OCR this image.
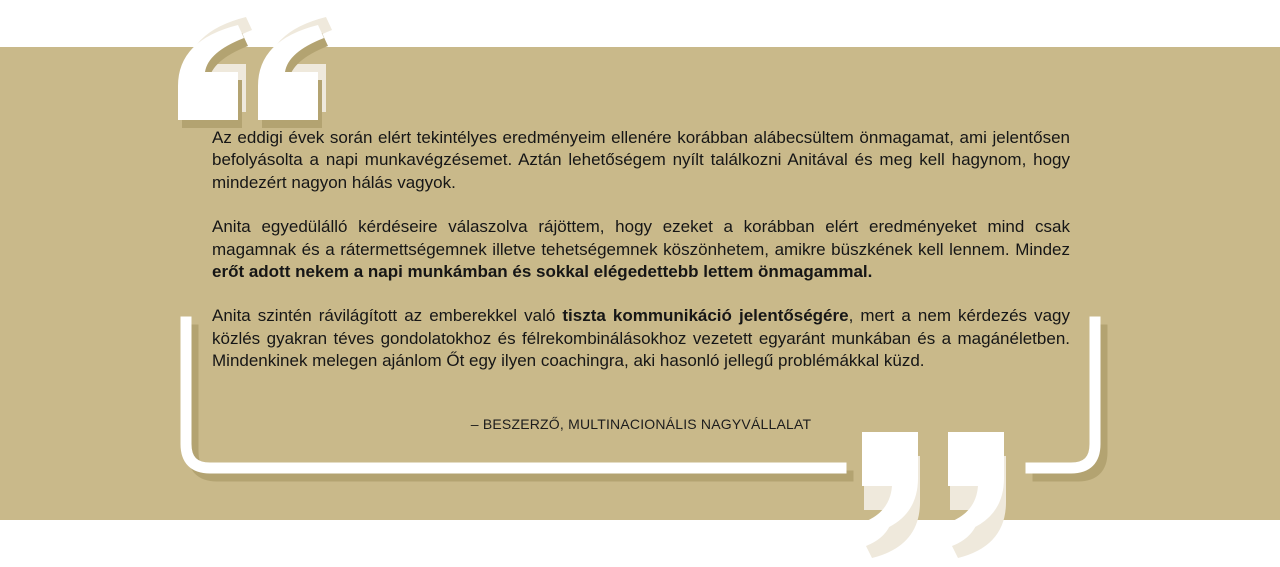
Az eddigi évek során elért tekintélyes eredményeim ellenére korábban alábecsültem önmagamat, ami jelentősen befolyásolta a napi munkavégzésemet. Aztán lehetőségem nyílt találkozni Anitával és meg kell hagynom, hogy mindezért nagyon hálás vagyok.

Anita egyedülálló kérdéseire válaszolva rájöttem, hogy ezeket a korábban elért eredményeket mind csak magamnak és a rátermettségemnek illetve tehetségemnek köszönhetem, amikre büszkének kell lennem. Mindez erőt adott nekem a napi munkámban és sokkal elégedettebb lettem önmagammal.

Anita szintén rávilágított az emberekkel való tiszta kommunikáció jelentőségére, mert a nem kérdezés vagy közlés gyakran téves gondolatokhoz és félrekombinálásokhoz vezetett egyaránt munkában és a magánéletben. Mindenkinek melegen ajánlom Őt egy ilyen coachingra, aki hasonló jellegű problémákkal küzd.

– BESZERZŐ, MULTINACIONÁLIS NAGYVÁLLALAT
